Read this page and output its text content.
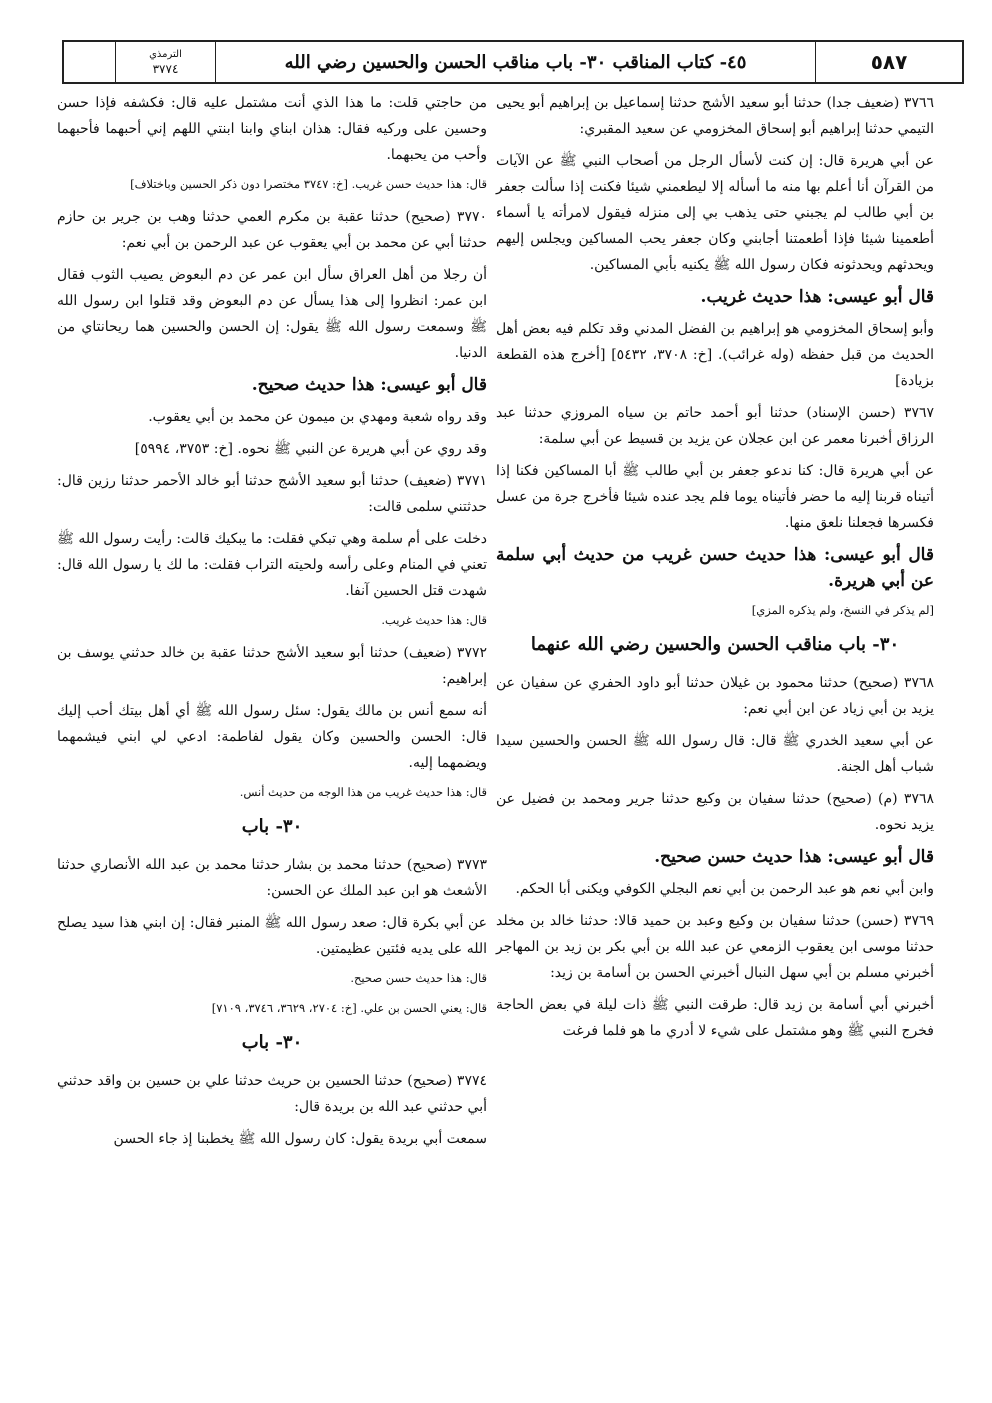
الترمذي
٣٧٧٤	٤٥- كتاب المناقب ٣٠- باب مناقب الحسن والحسين رضي الله	٥٨٧
٣٧٦٦ (ضعيف جدا) حدثنا أبو سعيد الأشج حدثنا إسماعيل بن إبراهيم أبو يحيى التيمي حدثنا إبراهيم أبو إسحاق المخزومي عن سعيد المقبري:
عن أبي هريرة قال: إن كنت لأسأل الرجل من أصحاب النبي ﷺ عن الآيات من القرآن أنا أعلم بها منه ما أسأله إلا ليطعمني شيئا فكنت إذا سألت جعفر بن أبي طالب لم يجبني حتى يذهب بي إلى منزله فيقول لامرأته يا أسماء أطعمينا شيئا فإذا أطعمتنا أجابني وكان جعفر يحب المساكين ويجلس إليهم ويحدثهم ويحدثونه فكان رسول الله ﷺ يكنيه بأبي المساكين.
قال أبو عيسى: هذا حديث غريب.
وأبو إسحاق المخزومي هو إبراهيم بن الفضل المدني وقد تكلم فيه بعض أهل الحديث من قبل حفظه (وله غرائب). [خ: ٣٧٠٨، ٥٤٣٢] [أخرج هذه القطعة بزيادة]
٣٧٦٧ (حسن الإسناد) حدثنا أبو أحمد حاتم بن سياه المروزي حدثنا عبد الرزاق أخبرنا معمر عن ابن عجلان عن يزيد بن قسيط عن أبي سلمة:
عن أبي هريرة قال: كنا ندعو جعفر بن أبي طالب ﷺ أبا المساكين فكنا إذا أتيناه قربنا إليه ما حضر فأتيناه يوما فلم يجد عنده شيئا فأخرج جرة من عسل فكسرها فجعلنا نلعق منها.
قال أبو عيسى: هذا حديث حسن غريب من حديث أبي سلمة عن أبي هريرة.
[لم يذكر في النسخ، ولم يذكره المزي]
٣٠- باب مناقب الحسن والحسين رضي الله عنهما
٣٧٦٨ (صحيح) حدثنا محمود بن غيلان حدثنا أبو داود الحفري عن سفيان عن يزيد بن أبي زياد عن ابن أبي نعم:
عن أبي سعيد الخدري ﷺ قال: قال رسول الله ﷺ الحسن والحسين سيدا شباب أهل الجنة.
٣٧٦٨ (م) (صحيح) حدثنا سفيان بن وكيع حدثنا جرير ومحمد بن فضيل عن يزيد نحوه.
قال أبو عيسى: هذا حديث حسن صحيح.
وابن أبي نعم هو عبد الرحمن بن أبي نعم البجلي الكوفي ويكنى أبا الحكم.
٣٧٦٩ (حسن) حدثنا سفيان بن وكيع وعبد بن حميد قالا: حدثنا خالد بن مخلد حدثنا موسى ابن يعقوب الزمعي عن عبد الله بن أبي بكر بن زيد بن المهاجر أخبرني مسلم بن أبي سهل النبال أخبرني الحسن بن أسامة بن زيد:
أخبرني أبي أسامة بن زيد قال: طرقت النبي ﷺ ذات ليلة في بعض الحاجة فخرج النبي ﷺ وهو مشتمل على شيء لا أدري ما هو فلما فرغت
من حاجتي قلت: ما هذا الذي أنت مشتمل عليه قال: فكشفه فإذا حسن وحسين على وركيه فقال: هذان ابناي وابنا ابنتي اللهم إني أحبهما فأحبهما وأحب من يحبهما.
قال: هذا حديث حسن غريب. [خ: ٣٧٤٧ مختصرا دون ذكر الحسين وباختلاف]
٣٧٧٠ (صحيح) حدثنا عقبة بن مكرم العمي حدثنا وهب بن جرير بن حازم حدثنا أبي عن محمد بن أبي يعقوب عن عبد الرحمن بن أبي نعم:
أن رجلا من أهل العراق سأل ابن عمر عن دم البعوض يصيب الثوب فقال ابن عمر: انظروا إلى هذا يسأل عن دم البعوض وقد قتلوا ابن رسول الله ﷺ وسمعت رسول الله ﷺ يقول: إن الحسن والحسين هما ريحانتاي من الدنيا.
قال أبو عيسى: هذا حديث صحيح.
وقد رواه شعبة ومهدي بن ميمون عن محمد بن أبي يعقوب.
وقد روي عن أبي هريرة عن النبي ﷺ نحوه. [خ: ٣٧٥٣، ٥٩٩٤]
٣٧٧١ (ضعيف) حدثنا أبو سعيد الأشج حدثنا أبو خالد الأحمر حدثنا رزين قال: حدثتني سلمى قالت:
دخلت على أم سلمة وهي تبكي فقلت: ما يبكيك قالت: رأيت رسول الله ﷺ تعني في المنام وعلى رأسه ولحيته التراب فقلت: ما لك يا رسول الله قال: شهدت قتل الحسين آنفا.
قال: هذا حديث غريب.
٣٧٧٢ (ضعيف) حدثنا أبو سعيد الأشج حدثنا عقبة بن خالد حدثني يوسف بن إبراهيم:
أنه سمع أنس بن مالك يقول: سئل رسول الله ﷺ أي أهل بيتك أحب إليك قال: الحسن والحسين وكان يقول لفاطمة: ادعي لي ابني فيشمهما ويضمهما إليه.
قال: هذا حديث غريب من هذا الوجه من حديث أنس.
٣٠- باب
٣٧٧٣ (صحيح) حدثنا محمد بن بشار حدثنا محمد بن عبد الله الأنصاري حدثنا الأشعث هو ابن عبد الملك عن الحسن:
عن أبي بكرة قال: صعد رسول الله ﷺ المنبر فقال: إن ابني هذا سيد يصلح الله على يديه فئتين عظيمتين.
قال: هذا حديث حسن صحيح.
قال: يعني الحسن بن علي. [خ: ٢٧٠٤، ٣٦٢٩، ٣٧٤٦، ٧١٠٩]
٣٠- باب
٣٧٧٤ (صحيح) حدثنا الحسين بن حريث حدثنا علي بن حسين بن واقد حدثني أبي حدثني عبد الله بن بريدة قال:
سمعت أبي بريدة يقول: كان رسول الله ﷺ يخطبنا إذ جاء الحسن
